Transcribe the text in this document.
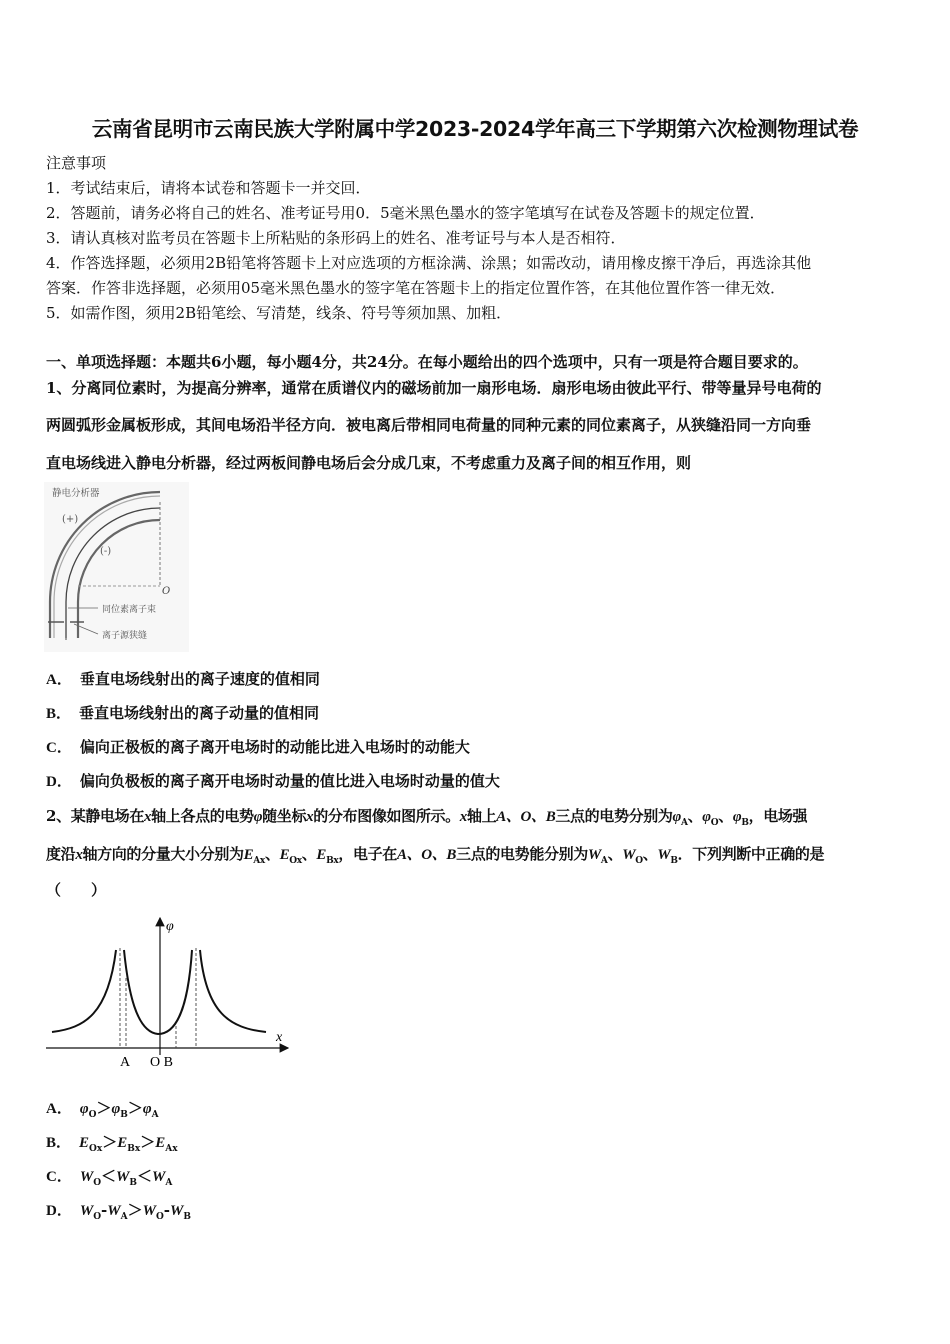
云南省昆明市云南民族大学附属中学2023-2024学年高三下学期第六次检测物理试卷
注意事项
1．考试结束后，请将本试卷和答题卡一并交回．
2．答题前，请务必将自己的姓名、准考证号用0．5毫米黑色墨水的签字笔填写在试卷及答题卡的规定位置．
3．请认真核对监考员在答题卡上所粘贴的条形码上的姓名、准考证号与本人是否相符．
4．作答选择题，必须用2B铅笔将答题卡上对应选项的方框涂满、涂黑；如需改动，请用橡皮擦干净后，再选涂其他
答案．作答非选择题，必须用05毫米黑色墨水的签字笔在答题卡上的指定位置作答，在其他位置作答一律无效．
5．如需作图，须用2B铅笔绘、写清楚，线条、符号等须加黑、加粗．
一、单项选择题：本题共6小题，每小题4分，共24分。在每小题给出的四个选项中，只有一项是符合题目要求的。
1、分离同位素时，为提高分辨率，通常在质谱仪内的磁场前加一扇形电场．扇形电场由彼此平行、带等量异号电荷的
两圆弧形金属板形成，其间电场沿半径方向．被电离后带相同电荷量的同种元素的同位素离子，从狭缝沿同一方向垂
直电场线进入静电分析器，经过两板间静电场后会分成几束，不考虑重力及离子间的相互作用，则
静电分析器
(+)
(-)
O
同位素离子束
离子源狭缝
A． 垂直电场线射出的离子速度的值相同
B． 垂直电场线射出的离子动量的值相同
C． 偏向正极板的离子离开电场时的动能比进入电场时的动能大
D． 偏向负极板的离子离开电场时动量的值比进入电场时动量的值大
2、某静电场在x轴上各点的电势φ随坐标x的分布图像如图所示。x轴上A、O、B三点的电势分别为$\varphi_A$、$\varphi_O$、$\varphi_B$，电场强
度沿x轴方向的分量大小分别为$E_{Ax}$、$E_{Ox}$、$E_{Bx}$，电子在A、O、B三点的电势能分别为$W_A$、$W_O$、$W_B$．下列判断中正确的是
（　　）
φ
x
A O B
A． $\varphi_O>\varphi_B>\varphi_A$
B． $E_{Ox}>E_{Bx}>E_{Ax}$
C． $W_O<W_B<W_A$
D． $W_O-W_A>W_O-W_B$
